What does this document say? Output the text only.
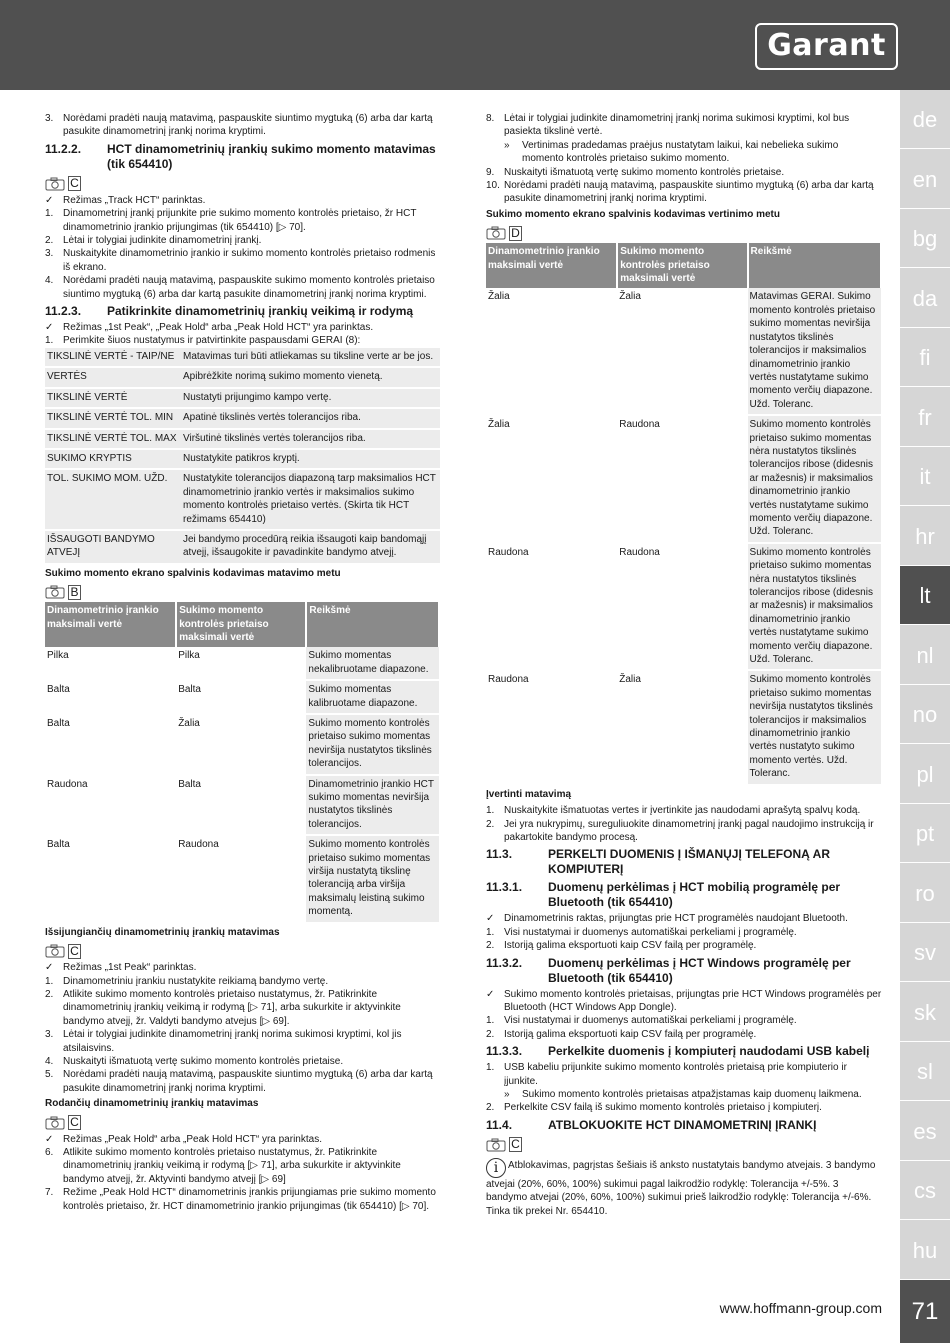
Garant
de
en
bg
da
fi
fr
it
hr
lt
nl
no
pl
pt
ro
sv
sk
sl
es
cs
hu
71
www.hoffmann-group.com
3. Norėdami pradėti naują matavimą, paspauskite siuntimo mygtuką (6) arba dar kartą pasukite dinamometrinį įrankį norima kryptimi.
11.2.2. HCT dinamometrinių įrankių sukimo momento matavimas (tik 654410)
C
✓ Režimas „Track HCT“ parinktas.
1. Dinamometrinį įrankį prijunkite prie sukimo momento kontrolės prietaiso, žr HCT dinamometrinio įrankio prijungimas (tik 654410) [▷ 70].
2. Lėtai ir tolygiai judinkite dinamometrinį įrankį.
3. Nuskaitykite dinamometrinio įrankio ir sukimo momento kontrolės prietaiso rodmenis iš ekrano.
4. Norėdami pradėti naują matavimą, paspauskite sukimo momento kontrolės prietaiso siuntimo mygtuką (6) arba dar kartą pasukite dinamometrinį įrankį norima kryptimi.
11.2.3. Patikrinkite dinamometrinių įrankių veikimą ir rodymą
✓ Režimas „1st Peak“, „Peak Hold“ arba „Peak Hold HCT“ yra parinktas.
1. Perimkite šiuos nustatymus ir patvirtinkite paspausdami GERAI (8):
TIKSLINĖ VERTĖ - TAIP/NE	Matavimas turi būti atliekamas su tiksline verte ar be jos.
VERTĖS	Apibrėžkite norimą sukimo momento vienetą.
TIKSLINĖ VERTĖ	Nustatyti prijungimo kampo vertę.
TIKSLINĖ VERTĖ TOL. MIN	Apatinė tikslinės vertės tolerancijos riba.
TIKSLINĖ VERTĖ TOL. MAX	Viršutinė tikslinės vertės tolerancijos riba.
SUKIMO KRYPTIS	Nustatykite patikros kryptį.
TOL. SUKIMO MOM. UŽD.	Nustatykite tolerancijos diapazoną tarp maksimalios HCT dinamometrinio įrankio vertės ir maksimalios sukimo momento kontrolės prietaiso vertės. (Skirta tik HCT režimams 654410)
IŠSAUGOTI BANDYMO ATVEJĮ	Jei bandymo procedūrą reikia išsaugoti kaip bandomąjį atvejį, išsaugokite ir pavadinkite bandymo atvejį.
Sukimo momento ekrano spalvinis kodavimas matavimo metu
B
Dinamometrinio įrankio maksimali vertė	Sukimo momento kontrolės prietaiso maksimali vertė	Reikšmė
Pilka	Pilka	Sukimo momentas nekalibruotame diapazone.
Balta	Balta	Sukimo momentas kalibruotame diapazone.
Balta	Žalia	Sukimo momento kontrolės prietaiso sukimo momentas neviršija nustatytos tikslinės tolerancijos.
Raudona	Balta	Dinamometrinio įrankio HCT sukimo momentas neviršija nustatytos tikslinės tolerancijos.
Balta	Raudona	Sukimo momento kontrolės prietaiso sukimo momentas viršija nustatytą tikslinę toleranciją arba viršija maksimalų leistiną sukimo momentą.
Išsijungiančių dinamometrinių įrankių matavimas
C
✓ Režimas „1st Peak“ parinktas.
1. Dinamometriniu įrankiu nustatykite reikiamą bandymo vertę.
2. Atlikite sukimo momento kontrolės prietaiso nustatymus, žr. Patikrinkite dinamometrinių įrankių veikimą ir rodymą [▷ 71], arba sukurkite ir aktyvinkite bandymo atvejį, žr. Valdyti bandymo atvejus [▷ 69].
3. Lėtai ir tolygiai judinkite dinamometrinį įrankį norima sukimosi kryptimi, kol jis atsilaisvins.
4. Nuskaityti išmatuotą vertę sukimo momento kontrolės prietaise.
5. Norėdami pradėti naują matavimą, paspauskite siuntimo mygtuką (6) arba dar kartą pasukite dinamometrinį įrankį norima kryptimi.
Rodančių dinamometrinių įrankių matavimas
C
✓ Režimas „Peak Hold“ arba „Peak Hold HCT“ yra parinktas.
6. Atlikite sukimo momento kontrolės prietaiso nustatymus, žr. Patikrinkite dinamometrinių įrankių veikimą ir rodymą [▷ 71], arba sukurkite ir aktyvinkite bandymo atvejį, žr. Aktyvinti bandymo atvejį [▷ 69]
7. Režime „Peak Hold HCT“ dinamometrinis įrankis prijungiamas prie sukimo momento kontrolės prietaiso, žr. HCT dinamometrinio įrankio prijungimas (tik 654410) [▷ 70].
8. Lėtai ir tolygiai judinkite dinamometrinį įrankį norima sukimosi kryptimi, kol bus pasiekta tikslinė vertė.
» Vertinimas pradedamas praėjus nustatytam laikui, kai nebelieka sukimo momento kontrolės prietaiso sukimo momento.
9. Nuskaityti išmatuotą vertę sukimo momento kontrolės prietaise.
10. Norėdami pradėti naują matavimą, paspauskite siuntimo mygtuką (6) arba dar kartą pasukite dinamometrinį įrankį norima kryptimi.
Sukimo momento ekrano spalvinis kodavimas vertinimo metu
D
Dinamometrinio įrankio maksimali vertė	Sukimo momento kontrolės prietaiso maksimali vertė	Reikšmė
Žalia	Žalia	Matavimas GERAI. Sukimo momento kontrolės prietaiso sukimo momentas neviršija nustatytos tikslinės tolerancijos ir maksimalios dinamometrinio įrankio vertės nustatytame sukimo momento verčių diapazone. Užd. Toleranc.
Žalia	Raudona	Sukimo momento kontrolės prietaiso sukimo momentas nėra nustatytos tikslinės tolerancijos ribose (didesnis ar mažesnis) ir maksimalios dinamometrinio įrankio vertės nustatytame sukimo momento verčių diapazone. Užd. Toleranc.
Raudona	Raudona	Sukimo momento kontrolės prietaiso sukimo momentas nėra nustatytos tikslinės tolerancijos ribose (didesnis ar mažesnis) ir maksimalios dinamometrinio įrankio vertės nustatytame sukimo momento verčių diapazone. Užd. Toleranc.
Raudona	Žalia	Sukimo momento kontrolės prietaiso sukimo momentas neviršija nustatytos tikslinės tolerancijos ir maksimalios dinamometrinio įrankio vertės nustatyto sukimo momento vertės. Užd. Toleranc.
Įvertinti matavimą
1. Nuskaitykite išmatuotas vertes ir įvertinkite jas naudodami aprašytą spalvų kodą.
2. Jei yra nukrypimų, sureguliuokite dinamometrinį įrankį pagal naudojimo instrukciją ir pakartokite bandymo procesą.
11.3.	PERKELTI DUOMENIS Į IŠMANŲJĮ TELEFONĄ AR KOMPIUTERĮ
11.3.1. Duomenų perkėlimas į HCT mobilią programėlę per Bluetooth (tik 654410)
✓ Dinamometrinis raktas, prijungtas prie HCT programėlės naudojant Bluetooth.
1. Visi nustatymai ir duomenys automatiškai perkeliami į programėlę.
2. Istoriją galima eksportuoti kaip CSV failą per programėlę.
11.3.2. Duomenų perkėlimas į HCT Windows programėlę per Bluetooth (tik 654410)
✓ Sukimo momento kontrolės prietaisas, prijungtas prie HCT Windows programėlės per Bluetooth (HCT Windows App Dongle).
1. Visi nustatymai ir duomenys automatiškai perkeliami į programėlę.
2. Istoriją galima eksportuoti kaip CSV failą per programėlę.
11.3.3. Perkelkite duomenis į kompiuterį naudodami USB kabelį
1. USB kabeliu prijunkite sukimo momento kontrolės prietaisą prie kompiuterio ir įjunkite.
» Sukimo momento kontrolės prietaisas atpažįstamas kaip duomenų laikmena.
2. Perkelkite CSV failą iš sukimo momento kontrolės prietaiso į kompiuterį.
11.4.	ATBLOKUOKITE HCT DINAMOMETRINĮ ĮRANKĮ
C
i Atblokavimas, pagrįstas šešiais iš anksto nustatytais bandymo atvejais. 3 bandymo atvejai (20%, 60%, 100%) sukimui pagal laikrodžio rodyklę: Tolerancija +/-5%. 3 bandymo atvejai (20%, 60%, 100%) sukimui prieš laikrodžio rodyklę: Tolerancija +/-6%. Tinka tik prekei Nr. 654410.
